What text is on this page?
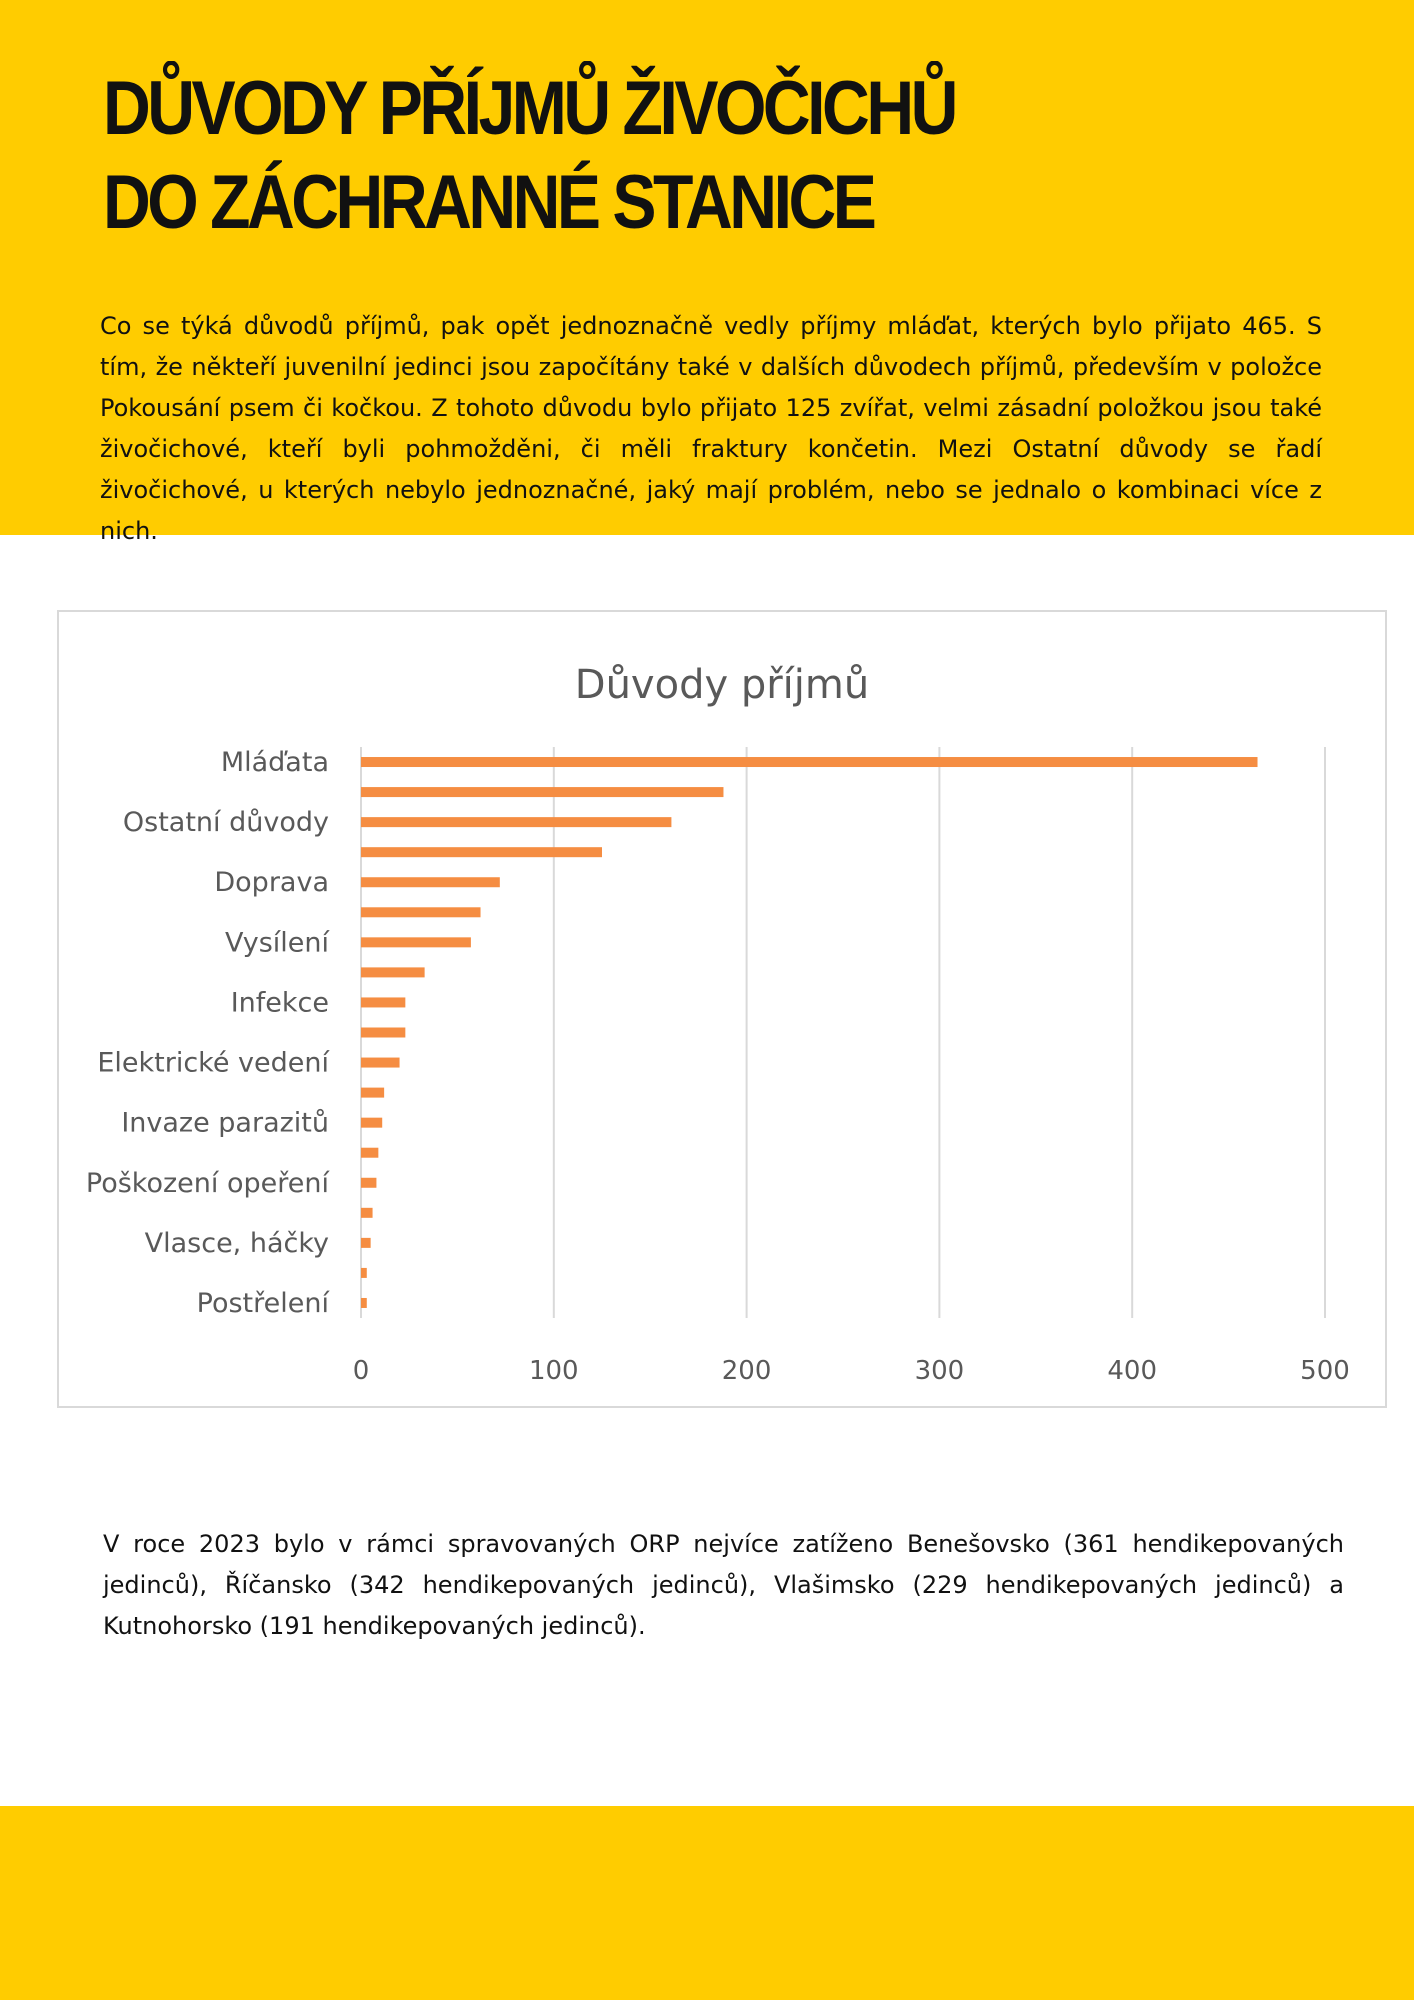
DŮVODY PŘÍJMŮ ŽIVOČICHŮ
DO ZÁCHRANNÉ STANICE

Co se týká důvodů příjmů, pak opět jednoznačně vedly příjmy mláďat, kterých bylo přijato 465. S tím, že někteří juvenilní jedinci jsou započítány také v dalších důvodech příjmů, především v položce Pokousání psem či kočkou. Z tohoto důvodu bylo přijato 125 zvířat, velmi zásadní položkou jsou také živočichové, kteří byli pohmožděni, či měli fraktury končetin. Mezi Ostatní důvody se řadí živočichové, u kterých nebylo jednoznačné, jaký mají problém, nebo se jednalo o kombinaci více z nich.

Důvody příjmů
0	100	200	300	400	500
Mláďata
Ostatní důvody
Doprava
Vysílení
Infekce
Elektrické vedení
Invaze parazitů
Poškození opeření
Vlasce, háčky
Postřelení

V roce 2023 bylo v rámci spravovaných ORP nejvíce zatíženo Benešovsko (361 hendikepovaných jedinců), Říčansko (342 hendikepovaných jedinců), Vlašimsko (229 hendikepovaných jedinců) a Kutnohorsko (191 hendikepovaných jedinců).
